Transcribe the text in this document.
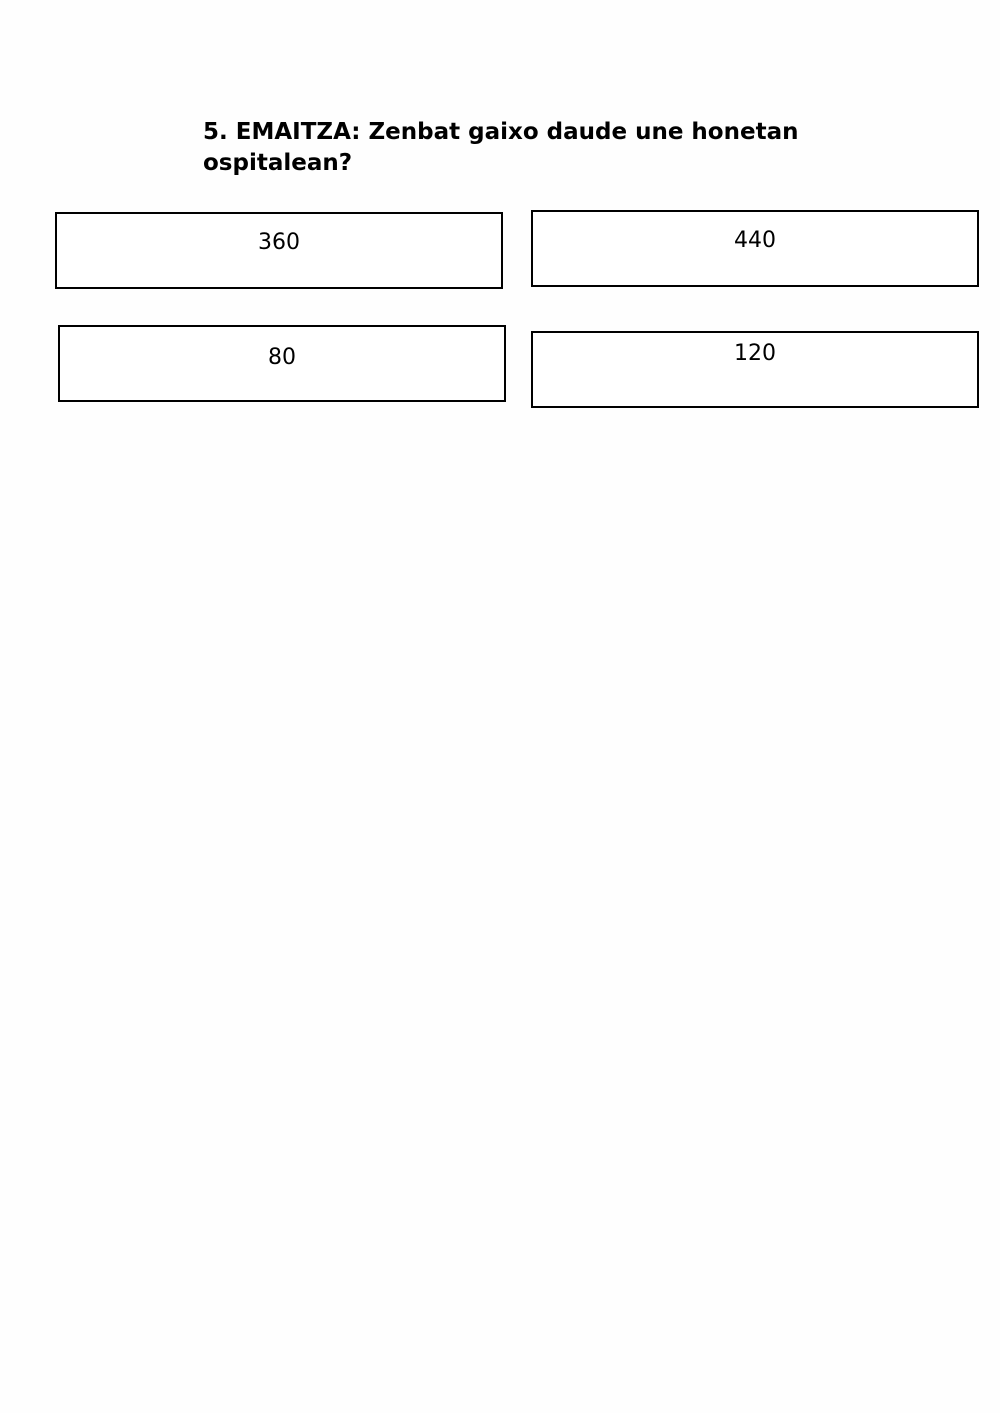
5. EMAITZA: Zenbat gaixo daude une honetan
ospitalean?
360	440
80	120
